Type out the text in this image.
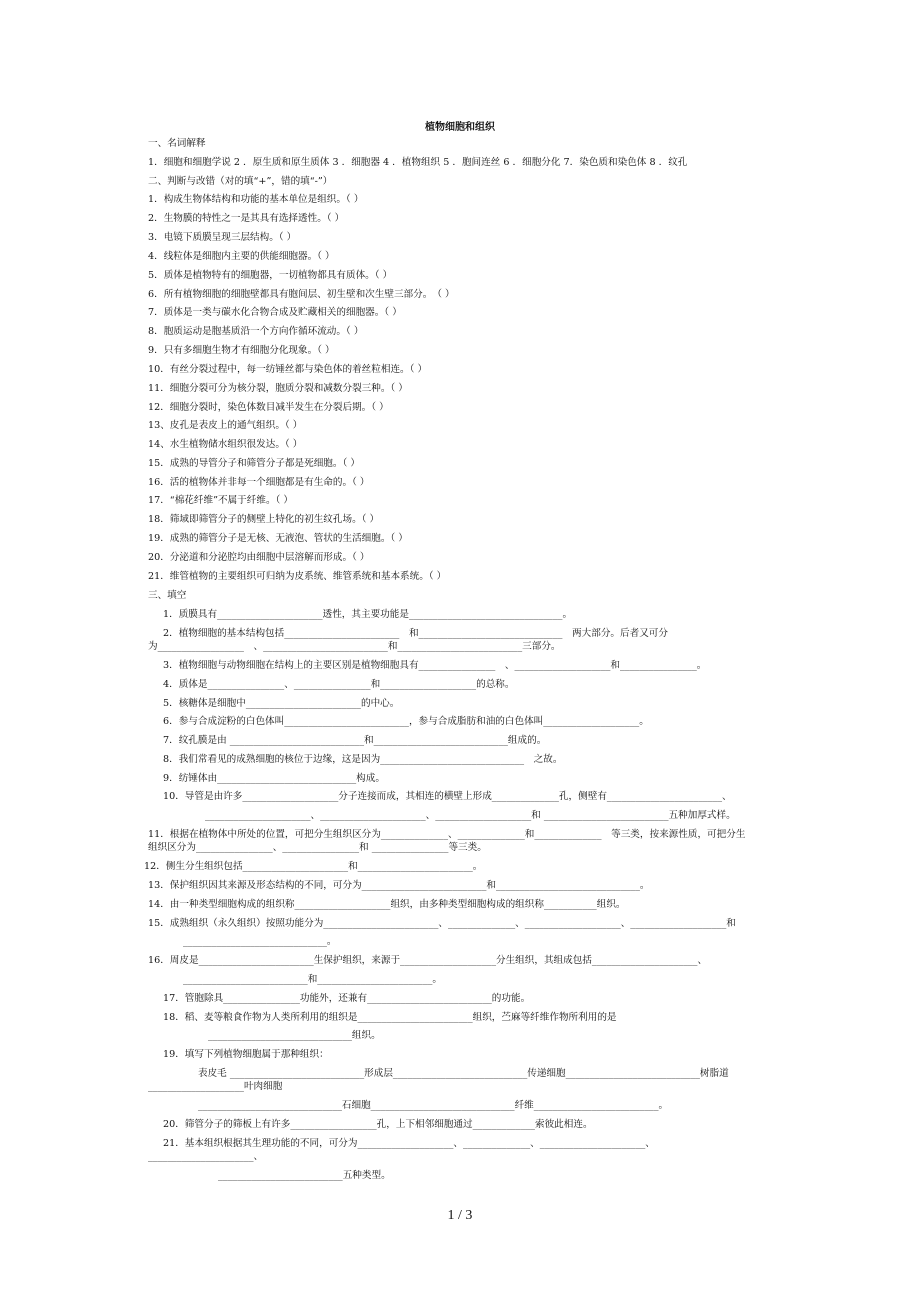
植物细胞和组织
一、名词解释
1．细胞和细胞学说 2 ．原生质和原生质体 3 ．细胞器 4 ．植物组织 5 ．胞间连丝 6 ．细胞分化 7．染色质和染色体 8 ．纹孔
二、判断与改错（对的填“+”，错的填“-”）
1．构成生物体结构和功能的基本单位是组织。（ ）
2．生物膜的特性之一是其具有选择透性。（ ）
3．电镜下质膜呈现三层结构。（ ）
4．线粒体是细胞内主要的供能细胞器。（ ）
5．质体是植物特有的细胞器，一切植物都具有质体。（ ）
6．所有植物细胞的细胞壁都具有胞间层、初生壁和次生壁三部分。　（ ）
7．质体是一类与碳水化合物合成及贮藏相关的细胞器。（ ）
8．胞质运动是胞基质沿一个方向作循环流动。（ ）
9．只有多细胞生物才有细胞分化现象。（ ）
10．有丝分裂过程中，每一纺锤丝都与染色体的着丝粒相连。（ ）
11．细胞分裂可分为核分裂，胞质分裂和减数分裂三种。（ ）
12．细胞分裂时，染色体数目减半发生在分裂后期。（ ）
13、皮孔是表皮上的通气组织。（ ）
14、水生植物储水组织很发达。（ ）
15．成熟的导管分子和筛管分子都是死细胞。（ ）
16．活的植物体并非每一个细胞都是有生命的。（ ）
17．“棉花纤维”不属于纤维。（ ）
18．筛域即筛管分子的侧壁上特化的初生纹孔场。（ ）
19．成熟的筛管分子是无核、无液泡、管状的生活细胞。（ ）
20．分泌道和分泌腔均由细胞中层溶解而形成。（ ）
21．维管植物的主要组织可归纳为皮系统、维管系统和基本系统。（ ）
三、填空
1．质膜具有______________________透性，其主要功能是________________________________。
2．植物细胞的基本结构包括________________________　和______________________________　两大部分。后者又可分
为__________________　、__________________________和__________________________三部分。
3．植物细胞与动物细胞在结构上的主要区别是植物细胞具有________________　、____________________和________________。
4．质体是________________、________________和____________________的总称。
5．核糖体是细胞中________________________的中心。
6．参与合成淀粉的白色体叫__________________________，参与合成脂肪和油的白色体叫____________________。
7．纹孔膜是由 ____________________________和____________________________组成的。
8．我们常看见的成熟细胞的核位于边缘，这是因为______________________________　之故。
9．纺锤体由_____________________________构成。
10．导管是由许多____________________分子连接而成，其相连的横壁上形成______________孔，侧壁有________________________、
______________________、______________________、____________________和 __________________________五种加厚式样。
11．根据在植物体中所处的位置，可把分生组织区分为______________、______________和______________　等三类，按来源性质，可把分生
组织区分为________________、________________和 ________________等三类。
12．侧生分生组织包括______________________和________________________。
13．保护组织因其来源及形态结构的不同，可分为__________________________和______________________________。
14．由一种类型细胞构成的组织称____________________组织，由多种类型细胞构成的组织称___________组织。
15．成熟组织（永久组织）按照功能分为________________________、______________、____________________、____________________和
______________________________。
16．周皮是________________________生保护组织，来源于____________________分生组织，其组成包括______________________、
__________________________和________________________。
17．管胞除具________________功能外，还兼有__________________________的功能。
18．稻、麦等粮食作物为人类所利用的组织是________________________组织，苎麻等纤维作物所利用的是
______________________________组织。
19．填写下列植物细胞属于那种组织：
表皮毛 ____________________________形成层____________________________传递细胞____________________________树脂道
____________________叶肉细胞
______________________________石细胞______________________________纤维__________________________。
20．筛管分子的筛板上有许多__________________孔，上下相邻细胞通过_____________索彼此相连。
21．基本组织根据其生理功能的不同，可分为____________________、______________、______________________、
______________________、
__________________________五种类型。
1 / 3
